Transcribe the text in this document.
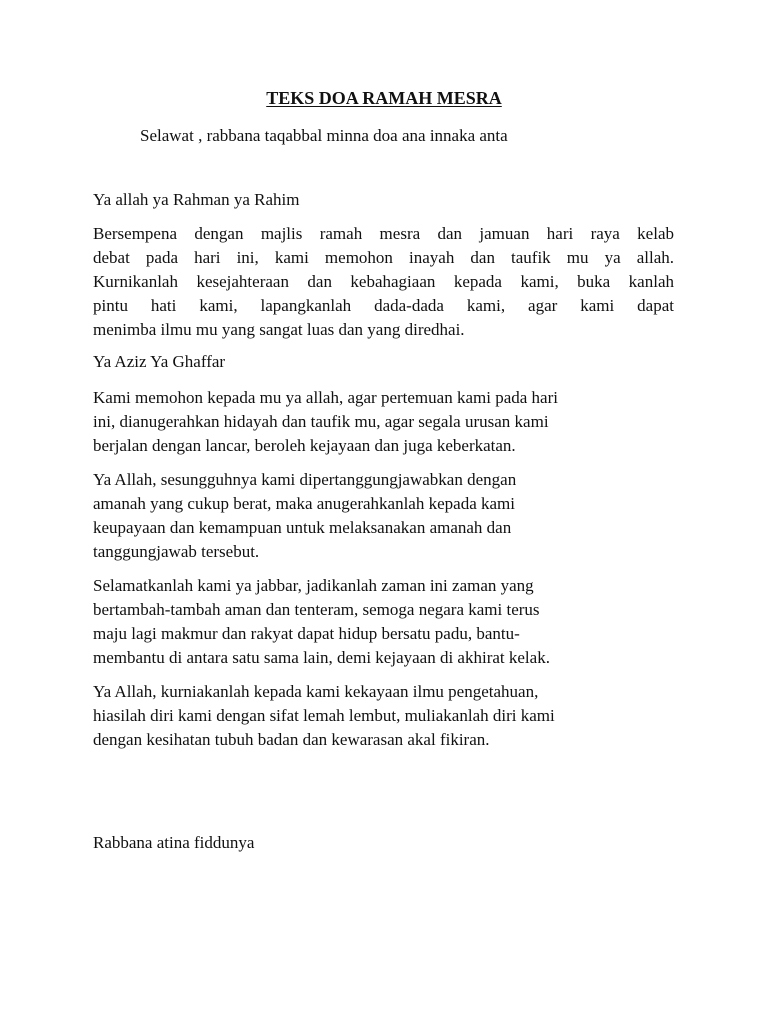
TEKS DOA RAMAH MESRA
Selawat , rabbana taqabbal minna doa ana innaka anta
Ya allah ya Rahman ya Rahim
Bersempena dengan majlis ramah mesra dan jamuan hari raya kelab
debat pada hari ini, kami memohon inayah dan taufik mu ya allah.
Kurnikanlah kesejahteraan dan kebahagiaan kepada kami, buka kanlah
pintu hati kami, lapangkanlah dada-dada kami, agar kami dapat
menimba ilmu mu yang sangat luas dan yang diredhai.
Ya Aziz Ya Ghaffar
Kami memohon kepada mu ya allah, agar pertemuan kami pada hari
ini, dianugerahkan hidayah dan taufik mu, agar segala urusan kami
berjalan dengan lancar, beroleh kejayaan dan juga keberkatan.
Ya Allah, sesungguhnya kami dipertanggungjawabkan dengan
amanah yang cukup berat, maka anugerahkanlah kepada kami
keupayaan dan kemampuan untuk melaksanakan amanah dan
tanggungjawab tersebut.
Selamatkanlah kami ya jabbar, jadikanlah zaman ini zaman yang
bertambah-tambah aman dan tenteram, semoga negara kami terus
maju lagi makmur dan rakyat dapat hidup bersatu padu, bantu-
membantu di antara satu sama lain, demi kejayaan di akhirat kelak.
Ya Allah, kurniakanlah kepada kami kekayaan ilmu pengetahuan,
hiasilah diri kami dengan sifat lemah lembut, muliakanlah diri kami
dengan kesihatan tubuh badan dan kewarasan akal fikiran.
Rabbana atina fiddunya
